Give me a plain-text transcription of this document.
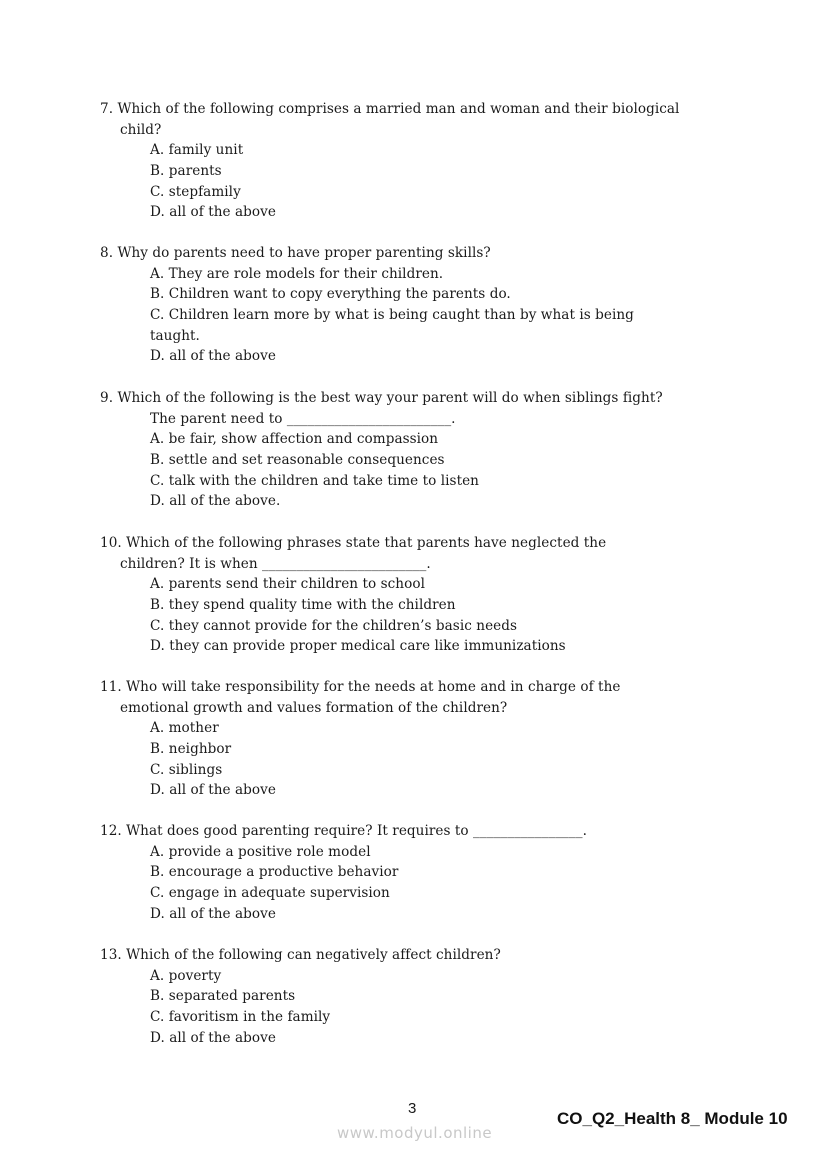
7. Which of the following comprises a married man and woman and their biological
child?
A. family unit
B. parents
C. stepfamily
D. all of the above
8. Why do parents need to have proper parenting skills?
A. They are role models for their children.
B. Children want to copy everything the parents do.
C. Children learn more by what is being caught than by what is being
taught.
D. all of the above
9. Which of the following is the best way your parent will do when siblings fight?
The parent need to ________________________.
A. be fair, show affection and compassion
B. settle and set reasonable consequences
C. talk with the children and take time to listen
D. all of the above.
10. Which of the following phrases state that parents have neglected the
children? It is when ________________________.
A. parents send their children to school
B. they spend quality time with the children
C. they cannot provide for the children’s basic needs
D. they can provide proper medical care like immunizations
11. Who will take responsibility for the needs at home and in charge of the
emotional growth and values formation of the children?
A. mother
B. neighbor
C. siblings
D. all of the above
12. What does good parenting require? It requires to ________________.
A. provide a positive role model
B. encourage a productive behavior
C. engage in adequate supervision
D. all of the above
13. Which of the following can negatively affect children?
A. poverty
B. separated parents
C. favoritism in the family
D. all of the above
3
CO_Q2_Health 8_ Module 10
www.modyul.online
